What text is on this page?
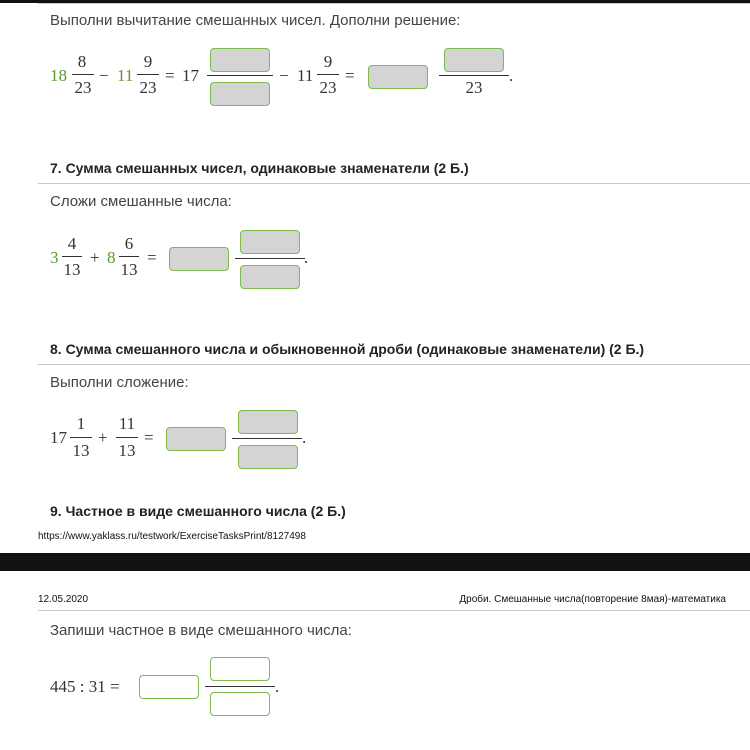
Выполни вычитание смешанных чисел. Дополни решение:
18
8
23
− 11
9
23
= 17	− 11
9
23
=
23
.
7. Сумма смешанных чисел, одинаковые знаменатели (2 Б.)
Сложи смешанные числа:
3
4
13
+ 8
6
13
=	.
8. Сумма смешанного числа и обыкновенной дроби (одинаковые знаменатели) (2 Б.)
Выполни сложение:
17
1
13
+
11
13
=	.
9. Частное в виде смешанного числа (2 Б.)
https://www.yaklass.ru/testwork/ExerciseTasksPrint/8127498
12.05.2020	Дроби. Смешанные числа(повторение 8мая)-математика
Запиши частное в виде смешанного числа:
445 : 31 =	.
